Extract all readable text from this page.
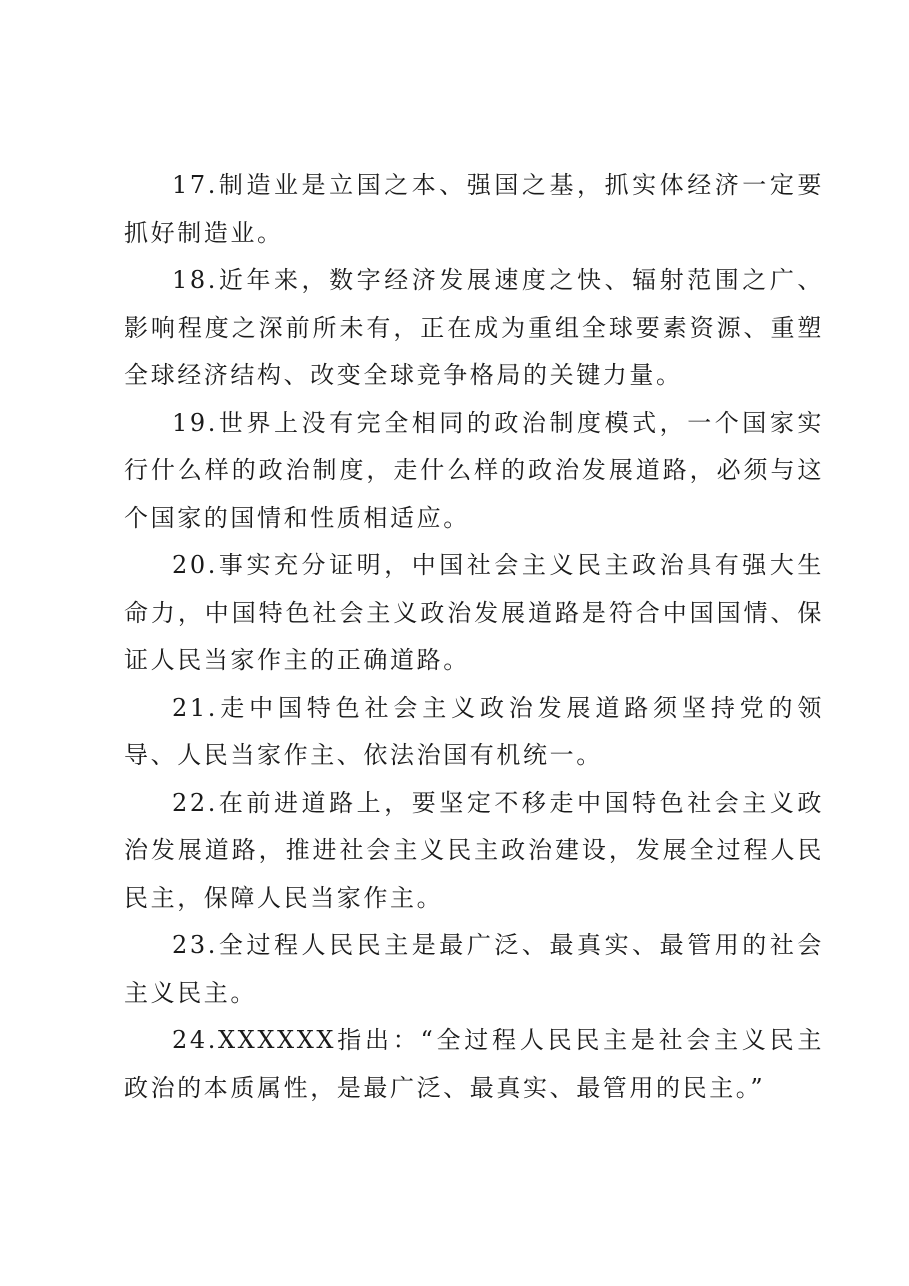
17.制造业是立国之本、强国之基，抓实体经济一定要抓好制造业。

18.近年来，数字经济发展速度之快、辐射范围之广、影响程度之深前所未有，正在成为重组全球要素资源、重塑全球经济结构、改变全球竞争格局的关键力量。

19.世界上没有完全相同的政治制度模式，一个国家实行什么样的政治制度，走什么样的政治发展道路，必须与这个国家的国情和性质相适应。

20.事实充分证明，中国社会主义民主政治具有强大生命力，中国特色社会主义政治发展道路是符合中国国情、保证人民当家作主的正确道路。

21.走中国特色社会主义政治发展道路须坚持党的领导、人民当家作主、依法治国有机统一。

22.在前进道路上，要坚定不移走中国特色社会主义政治发展道路，推进社会主义民主政治建设，发展全过程人民民主，保障人民当家作主。

23.全过程人民民主是最广泛、最真实、最管用的社会主义民主。

24.XXXXXX指出：“全过程人民民主是社会主义民主政治的本质属性，是最广泛、最真实、最管用的民主。”
